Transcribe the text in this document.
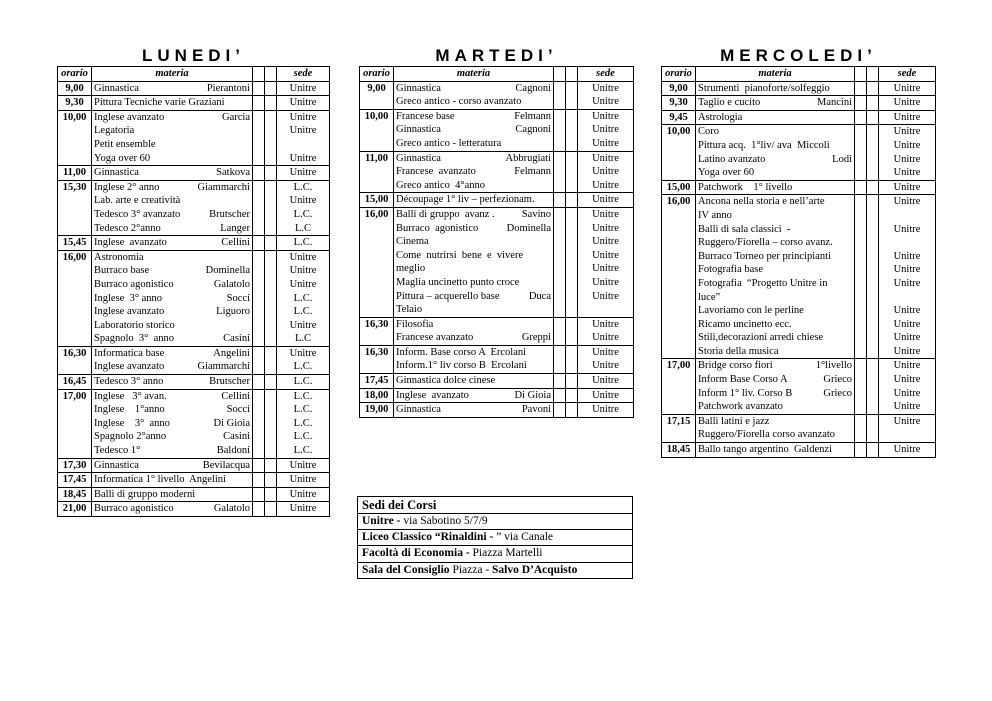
LUNEDI’
orario	materia			sede
9,00	Ginnastica Pierantoni			Unitre
9,30	Pittura Tecniche varie Graziani			Unitre
10,00	Inglese avanzato Garcia			Unitre

	Legatoria			Unitre

	Petit ensemble			

	Yoga over 60			Unitre
11,00	Ginnastica Satkova			Unitre
15,30	Inglese 2° anno Giammarchi			L.C.

	Lab. arte e creatività			Unitre

	Tedesco 3° avanzato Brutscher			L.C.

	Tedesco 2°anno Langer			L.C
15,45	Inglese  avanzato Cellini			L.C.
16,00	Astronomia			Unitre

	Burraco base Dominella			Unitre

	Burraco agonistico Galatolo			Unitre

	Inglese  3° anno Socci			L.C.

	Inglese avanzato Liguoro			L.C.

	Laboratorio storico			Unitre

	Spagnolo  3°  anno Casini			L.C
16,30	Informatica base Angelini			Unitre

	Inglese avanzato Giammarchi			L.C.
16,45	Tedesco 3° anno Brutscher			L.C.
17,00	Inglese   3° avan. Cellini			L.C.

	Inglese    1°anno Socci			L.C.

	Inglese    3°  anno Di Gioia			L.C.

	Spagnolo 2°anno Casini			L.C.

	Tedesco 1° Baldoni			L.C.
17,30	Ginnastica Bevilacqua			Unitre
17,45	Informatica 1° livello  Angelini			Unitre
18,45	Balli di gruppo moderni			Unitre
21,00	Burraco agonistico Galatolo			Unitre
MARTEDI’
orario	materia			sede
9,00	Ginnastica Cagnoni			Unitre

	Greco antico - corso avanzato			Unitre
10,00	Francese base Felmann			Unitre

	Ginnastica Cagnoni			Unitre

	Greco antico - letteratura			Unitre
11,00	Ginnastica Abbrugiati			Unitre

	Francese  avanzato Felmann			Unitre

	Greco antico  4°anno			Unitre
15,00	Découpage 1° liv – perfezionam.			Unitre
16,00	Balli di gruppo  avanz . Savino			Unitre

	Burraco  agonistico Dominella			Unitre

	Cinema			Unitre

	Come  nutrirsi  bene  e  vivere			Unitre

	meglio			Unitre

	Maglia uncinetto punto croce			Unitre

	Pittura – acquerello base Duca			Unitre

	Telaio			

16,30	Filosofia			Unitre

	Francese avanzato Greppi			Unitre
16,30	Inform. Base corso A  Ercolani			Unitre

	Inform.1° liv corso B  Ercolani			Unitre
17,45	Ginnastica dolce cinese			Unitre
18,00	Inglese  avanzato Di Gioia			Unitre
19,00	Ginnastica Pavoni			Unitre
MERCOLEDI’
orario	materia			sede
9,00	Strumenti  pianoforte/solfeggio			Unitre
9,30	Taglio e cucito Mancini			Unitre
9,45	Astrologia			Unitre
10,00	Coro			Unitre

	Pittura acq.  1°liv/ ava  Miccoli			Unitre

	Latino avanzato Lodi			Unitre

	Yoga over 60			Unitre
15,00	Patchwork    1° livello			Unitre
16,00	Ancona nella storia e nell’arte			Unitre

	IV anno			

	Balli di sala classici  -			Unitre

	Ruggero/Fiorella – corso avanz.			

	Burraco Torneo per principianti			Unitre

	Fotografia base			Unitre

	Fotografia  “Progetto Unitre in			Unitre

	luce”			

	Lavoriamo con le perline			Unitre

	Ricamo uncinetto ecc.			Unitre

	Stili,decorazioni arredi chiese			Unitre

	Storia della musica			Unitre
17,00	Bridge corso fiori 1°livello			Unitre

	Inform Base Corso A Grieco			Unitre

	Inform 1° liv. Corso B Grieco			Unitre

	Patchwork avanzato			Unitre
17,15	Balli latini e jazz			Unitre

	Ruggero/Fiorella corso avanzato			

18,45	Ballo tango argentino  Galdenzi			Unitre
Sedi dei Corsi
Unitre - via Sabotino 5/7/9
Liceo Classico “Rinaldini - ” via Canale
Facoltà di Economia - Piazza Martelli
Sala del Consiglio Piazza - Salvo D’Acquisto
